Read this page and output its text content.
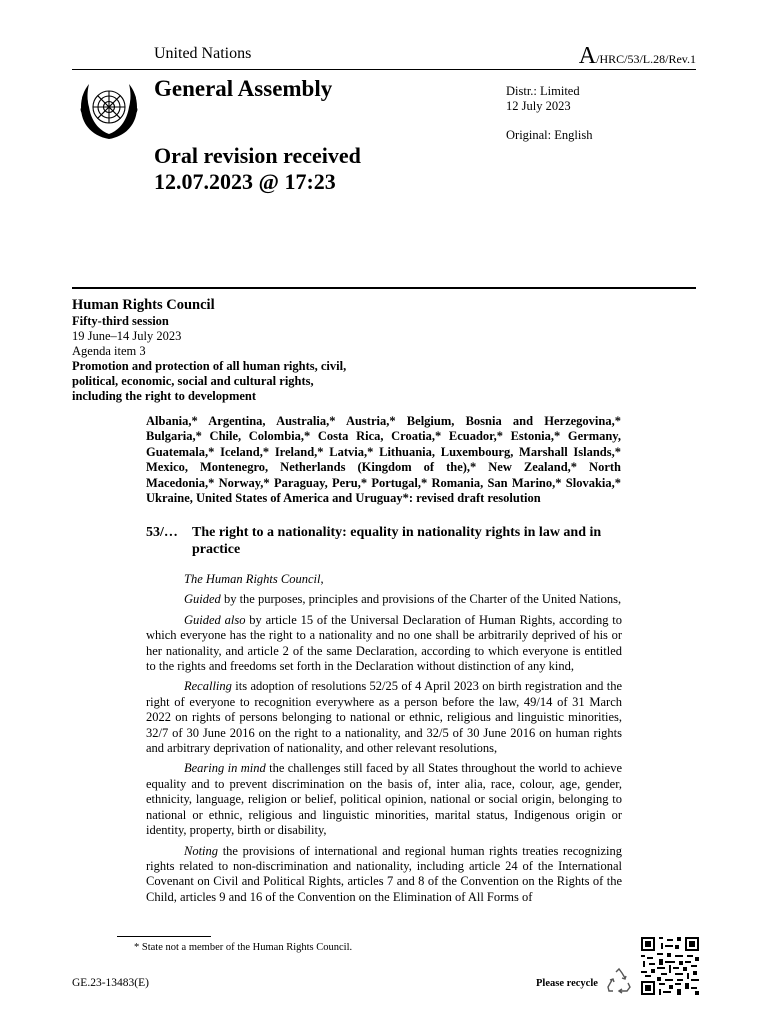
United Nations	A/HRC/53/L.28/Rev.1
General Assembly	Distr.: Limited
12 July 2023
Original: English
Oral revision received
12.07.2023 @ 17:23
Human Rights Council
Fifty-third session
19 June–14 July 2023
Agenda item 3
Promotion and protection of all human rights, civil,
political, economic, social and cultural rights,
including the right to development
Albania,* Argentina, Australia,* Austria,* Belgium, Bosnia and Herzegovina,* Bulgaria,* Chile, Colombia,* Costa Rica, Croatia,* Ecuador,* Estonia,* Germany, Guatemala,* Iceland,* Ireland,* Latvia,* Lithuania, Luxembourg, Marshall Islands,* Mexico, Montenegro, Netherlands (Kingdom of the),* New Zealand,* North Macedonia,* Norway,* Paraguay, Peru,* Portugal,* Romania, San Marino,* Slovakia,* Ukraine, United States of America and Uruguay*: revised draft resolution
53/… The right to a nationality: equality in nationality rights in law and in practice

The Human Rights Council,

Guided by the purposes, principles and provisions of the Charter of the United Nations,

Guided also by article 15 of the Universal Declaration of Human Rights, according to which everyone has the right to a nationality and no one shall be arbitrarily deprived of his or her nationality, and article 2 of the same Declaration, according to which everyone is entitled to the rights and freedoms set forth in the Declaration without distinction of any kind,

Recalling its adoption of resolutions 52/25 of 4 April 2023 on birth registration and the right of everyone to recognition everywhere as a person before the law, 49/14 of 31 March 2022 on rights of persons belonging to national or ethnic, religious and linguistic minorities, 32/7 of 30 June 2016 on the right to a nationality, and 32/5 of 30 June 2016 on human rights and arbitrary deprivation of nationality, and other relevant resolutions,

Bearing in mind the challenges still faced by all States throughout the world to achieve equality and to prevent discrimination on the basis of, inter alia, race, colour, age, gender, ethnicity, language, religion or belief, political opinion, national or social origin, belonging to national or ethnic, religious and linguistic minorities, marital status, Indigenous origin or identity, property, birth or disability,

Noting the provisions of international and regional human rights treaties recognizing rights related to non-discrimination and nationality, including article 24 of the International Covenant on Civil and Political Rights, articles 7 and 8 of the Convention on the Rights of the Child, articles 9 and 16 of the Convention on the Elimination of All Forms of

* State not a member of the Human Rights Council.
GE.23-13483(E)	Please recycle
